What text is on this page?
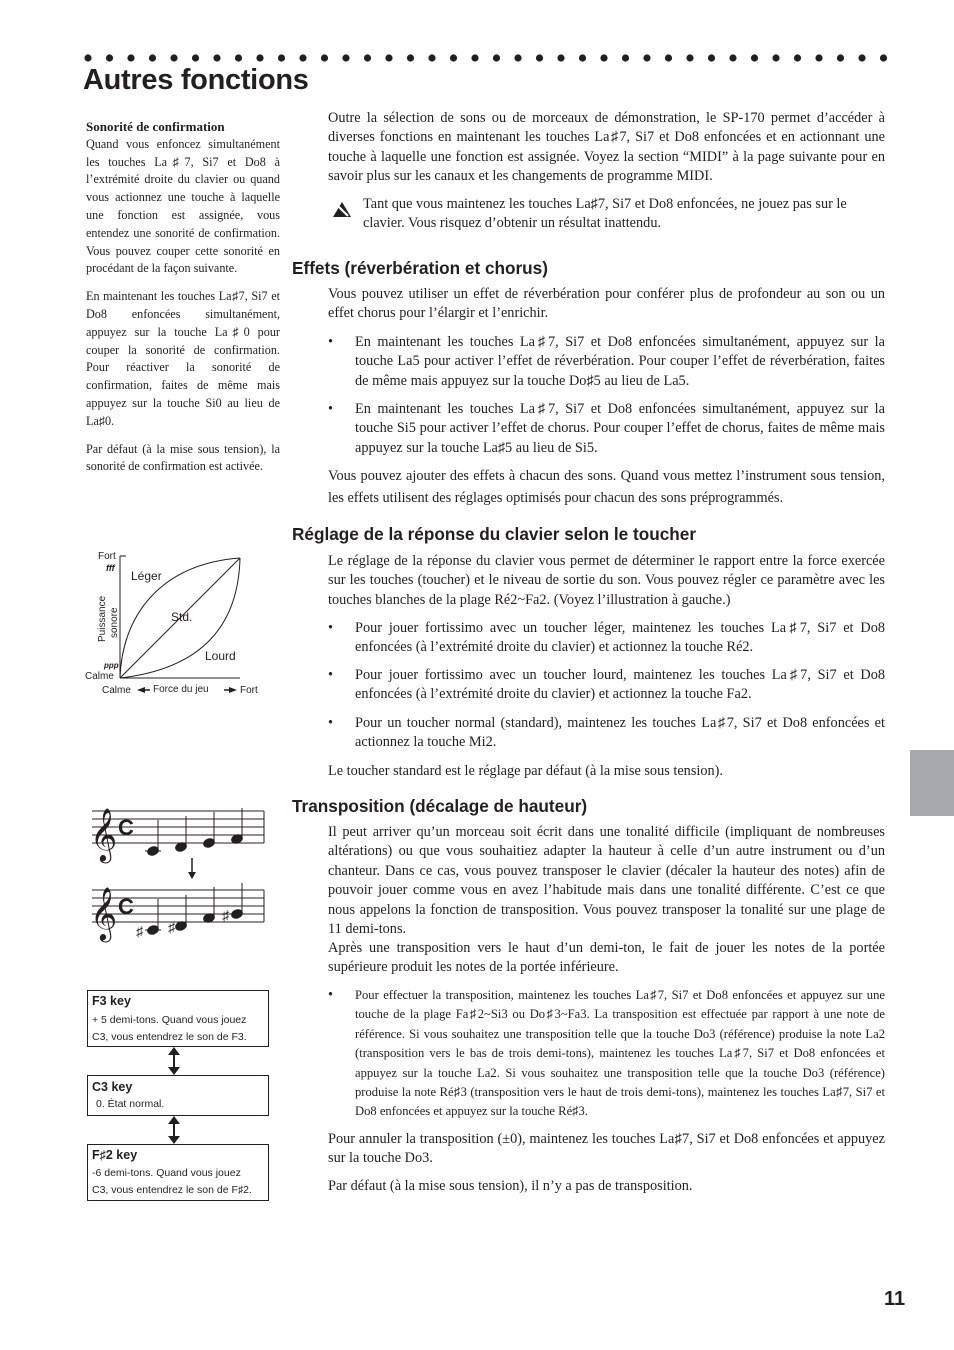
Autres fonctions

Sonorité de confirmation

Quand vous enfoncez simultanément les touches La♯7, Si7 et Do8 à l’extrémité droite du clavier ou quand vous actionnez une touche à laquelle une fonction est assignée, vous entendez une sonorité de confirmation. Vous pouvez couper cette sonorité en procédant de la façon suivante.

En maintenant les touches La♯7, Si7 et Do8 enfoncées simultanément, appuyez sur la touche La♯0 pour couper la sonorité de confirmation. Pour réactiver la sonorité de confirmation, faites de même mais appuyez sur la touche Si0 au lieu de La♯0.

Par défaut (à la mise sous tension), la sonorité de confirmation est activée.

Outre la sélection de sons ou de morceaux de démonstration, le SP-170 permet d’accéder à diverses fonctions en maintenant les touches La♯7, Si7 et Do8 enfoncées et en actionnant une touche à laquelle une fonction est assignée. Voyez la section “MIDI” à la page suivante pour en savoir plus sur les canaux et les changements de programme MIDI.
Tant que vous maintenez les touches La♯7, Si7 et Do8 enfoncées, ne jouez pas sur le clavier. Vous risquez d’obtenir un résultat inattendu.
Effets (réverbération et chorus)
Vous pouvez utiliser un effet de réverbération pour conférer plus de profondeur au son ou un effet chorus pour l’élargir et l’enrichir.
• En maintenant les touches La♯7, Si7 et Do8 enfoncées simultanément, appuyez sur la touche La5 pour activer l’effet de réverbération. Pour couper l’effet de réverbération, faites de même mais appuyez sur la touche Do♯5 au lieu de La5.
• En maintenant les touches La♯7, Si7 et Do8 enfoncées simultanément, appuyez sur la touche Si5 pour activer l’effet de chorus. Pour couper l’effet de chorus, faites de même mais appuyez sur la touche La♯5 au lieu de Si5.
Vous pouvez ajouter des effets à chacun des sons. Quand vous mettez l’instrument sous tension, les effets utilisent des réglages optimisés pour chacun des sons préprogrammés.
Réglage de la réponse du clavier selon le toucher
Le réglage de la réponse du clavier vous permet de déterminer le rapport entre la force exercée sur les touches (toucher) et le niveau de sortie du son. Vous pouvez régler ce paramètre avec les touches blanches de la plage Ré2~Fa2. (Voyez l’illustration à gauche.)
• Pour jouer fortissimo avec un toucher léger, maintenez les touches La♯7, Si7 et Do8 enfoncées (à l’extrémité droite du clavier) et actionnez la touche Ré2.
• Pour jouer fortissimo avec un toucher lourd, maintenez les touches La♯7, Si7 et Do8 enfoncées (à l’extrémité droite du clavier) et actionnez la touche Fa2.
• Pour un toucher normal (standard), maintenez les touches La♯7, Si7 et Do8 enfoncées et actionnez la touche Mi2.
Le toucher standard est le réglage par défaut (à la mise sous tension).
Transposition (décalage de hauteur)
Il peut arriver qu’un morceau soit écrit dans une tonalité difficile (impliquant de nombreuses altérations) ou que vous souhaitiez adapter la hauteur à celle d’un autre instrument ou d’un chanteur. Dans ce cas, vous pouvez transposer le clavier (décaler la hauteur des notes) afin de pouvoir jouer comme vous en avez l’habitude mais dans une tonalité différente. C’est ce que nous appelons la fonction de transposition. Vous pouvez transposer la tonalité sur une plage de 11 demi-tons.
Après une transposition vers le haut d’un demi-ton, le fait de jouer les notes de la portée supérieure produit les notes de la portée inférieure.
• Pour effectuer la transposition, maintenez les touches La♯7, Si7 et Do8 enfoncées et appuyez sur une touche de la plage Fa♯2~Si3 ou Do♯3~Fa3. La transposition est effectuée par rapport à une note de référence. Si vous souhaitez une transposition telle que la touche Do3 (référence) produise la note La2 (transposition vers le bas de trois demi-tons), maintenez les touches La♯7, Si7 et Do8 enfoncées et appuyez sur la touche La2. Si vous souhaitez une transposition telle que la touche Do3 (référence) produise la note Ré♯3 (transposition vers le haut de trois demi-tons), maintenez les touches La♯7, Si7 et Do8 enfoncées et appuyez sur la touche Ré♯3.
Pour annuler la transposition (±0), maintenez les touches La♯7, Si7 et Do8 enfoncées et appuyez sur la touche Do3.
Par défaut (à la mise sous tension), il n’y a pas de transposition.
Fort
fff
ppp
Calme
Puissance sonore
Léger
Std.
Lourd
Calme Force du jeu	Fort
𝄞
𝄞
C
C
♯ ♯
♯
F3 key
+ 5 demi-tons. Quand vous jouez
C3, vous entendrez le son de F3.
C3 key
0. État normal.
F♯2 key
-6 demi-tons. Quand vous jouez
C3, vous entendrez le son de F♯2.
11
